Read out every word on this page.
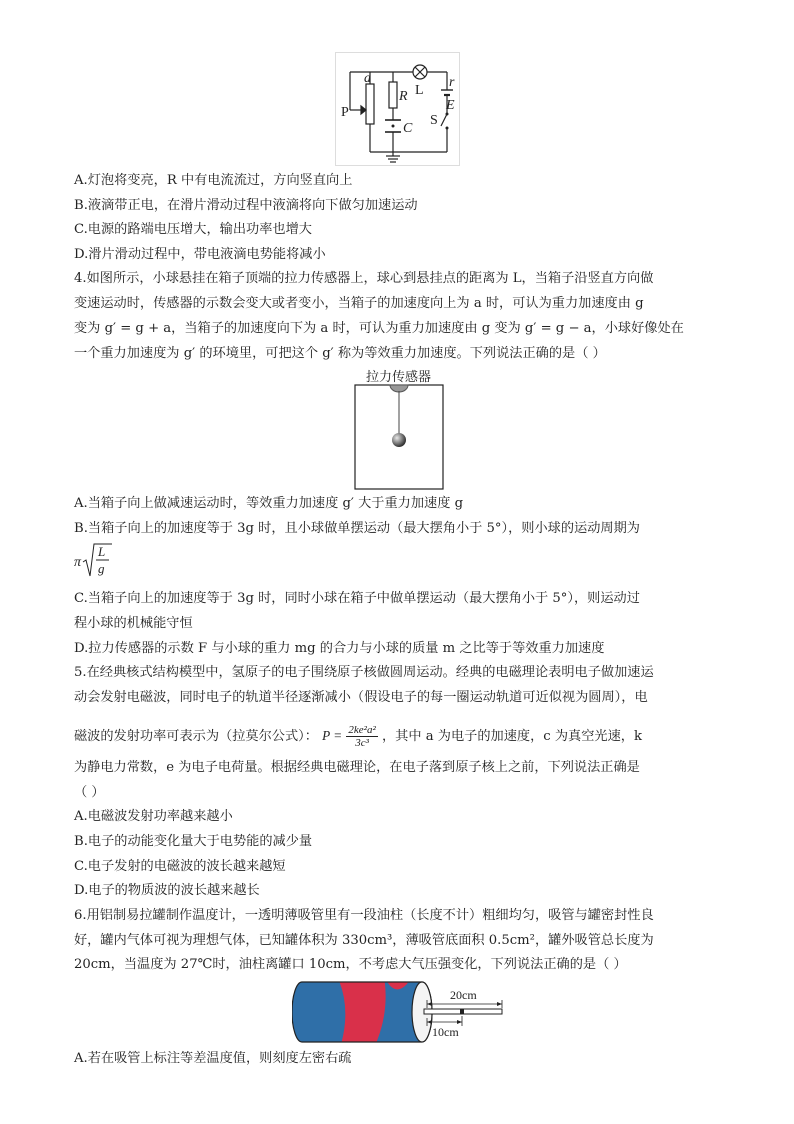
a
R
r
E
C
L
P
S
A.灯泡将变亮，R 中有电流流过，方向竖直向上
B.液滴带正电，在滑片滑动过程中液滴将向下做匀加速运动
C.电源的路端电压增大，输出功率也增大
D.滑片滑动过程中，带电液滴电势能将减小
4.如图所示，小球悬挂在箱子顶端的拉力传感器上，球心到悬挂点的距离为 L，当箱子沿竖直方向做
变速运动时，传感器的示数会变大或者变小，当箱子的加速度向上为 a 时，可认为重力加速度由 g
变为 g′ = g + a，当箱子的加速度向下为 a 时，可认为重力加速度由 g 变为 g′ = g − a，小球好像处在
一个重力加速度为 g′ 的环境里，可把这个 g′ 称为等效重力加速度。下列说法正确的是（ ）
拉力传感器
A.当箱子向上做减速运动时，等效重力加速度 g′ 大于重力加速度 g
B.当箱子向上的加速度等于 3g 时，且小球做单摆运动（最大摆角小于 5°），则小球的运动周期为
π
L
g
C.当箱子向上的加速度等于 3g 时，同时小球在箱子中做单摆运动（最大摆角小于 5°），则运动过
程小球的机械能守恒
D.拉力传感器的示数 F 与小球的重力 mg 的合力与小球的质量 m 之比等于等效重力加速度
5.在经典核式结构模型中，氢原子的电子围绕原子核做圆周运动。经典的电磁理论表明电子做加速运
动会发射电磁波，同时电子的轨道半径逐渐减小（假设电子的每一圈运动轨道可近似视为圆周），电
磁波的发射功率可表示为（拉莫尔公式）： $P = \frac{\text{2ke²a²}}{\text{3c³}}$ ，其中 a 为电子的加速度，c 为真空光速，k
为静电力常数，e 为电子电荷量。根据经典电磁理论，在电子落到原子核上之前，下列说法正确是
（ ）
A.电磁波发射功率越来越小
B.电子的动能变化量大于电势能的减少量
C.电子发射的电磁波的波长越来越短
D.电子的物质波的波长越来越长
6.用铝制易拉罐制作温度计，一透明薄吸管里有一段油柱（长度不计）粗细均匀，吸管与罐密封性良
好，罐内气体可视为理想气体，已知罐体积为 330cm³，薄吸管底面积 0.5cm²，罐外吸管总长度为
20cm，当温度为 27℃时，油柱离罐口 10cm，不考虑大气压强变化，下列说法正确的是（ ）
20cm
10cm
A.若在吸管上标注等差温度值，则刻度左密右疏
